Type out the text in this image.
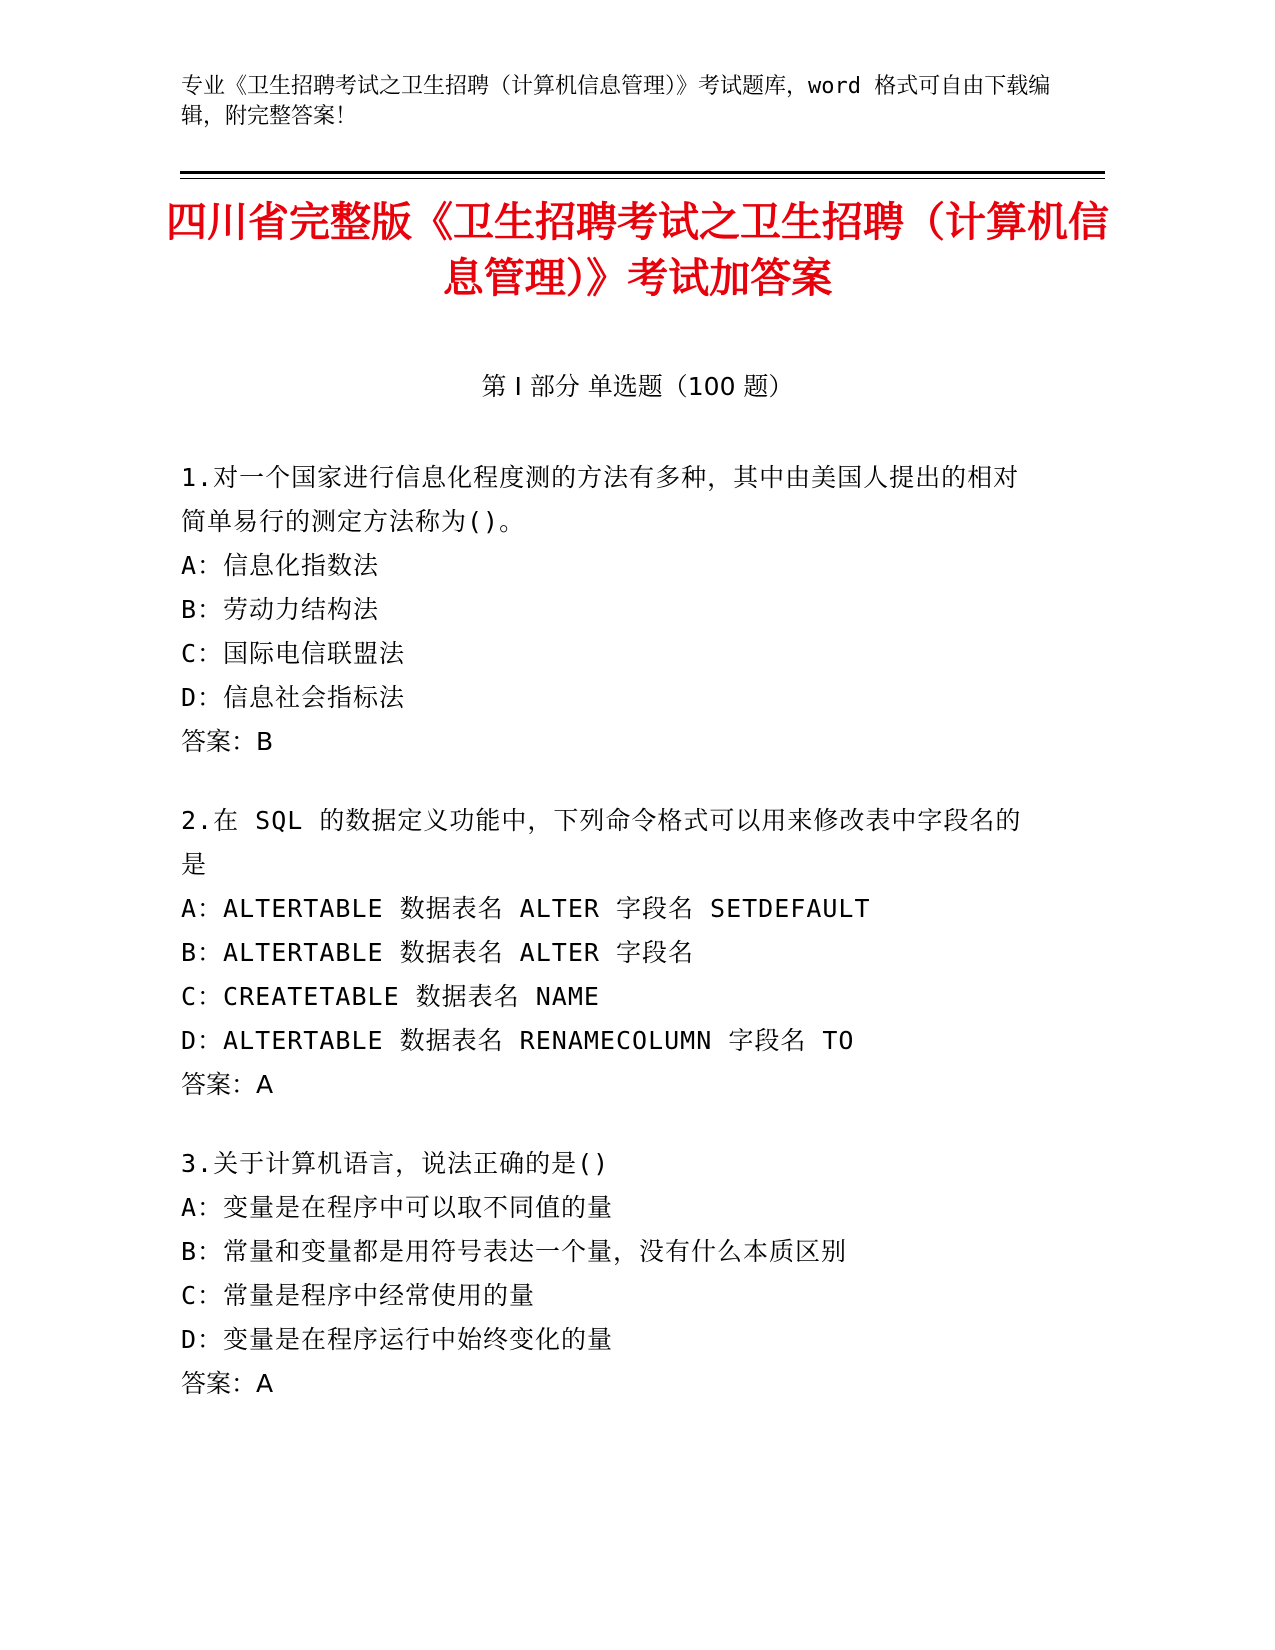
专业《卫生招聘考试之卫生招聘（计算机信息管理）》考试题库，word 格式可自由下载编辑，附完整答案！
四川省完整版《卫生招聘考试之卫生招聘（计算机信息管理）》考试加答案
第 I 部分 单选题（100 题）
1.对一个国家进行信息化程度测的方法有多种，其中由美国人提出的相对简单易行的测定方法称为()。
A：信息化指数法
B：劳动力结构法
C：国际电信联盟法
D：信息社会指标法
答案：B
2.在 SQL 的数据定义功能中，下列命令格式可以用来修改表中字段名的是
A：ALTERTABLE 数据表名 ALTER 字段名 SETDEFAULT
B：ALTERTABLE 数据表名 ALTER 字段名
C：CREATETABLE 数据表名 NAME
D：ALTERTABLE 数据表名 RENAMECOLUMN 字段名 TO
答案：A
3.关于计算机语言，说法正确的是()
A：变量是在程序中可以取不同值的量
B：常量和变量都是用符号表达一个量，没有什么本质区别
C：常量是程序中经常使用的量
D：变量是在程序运行中始终变化的量
答案：A
